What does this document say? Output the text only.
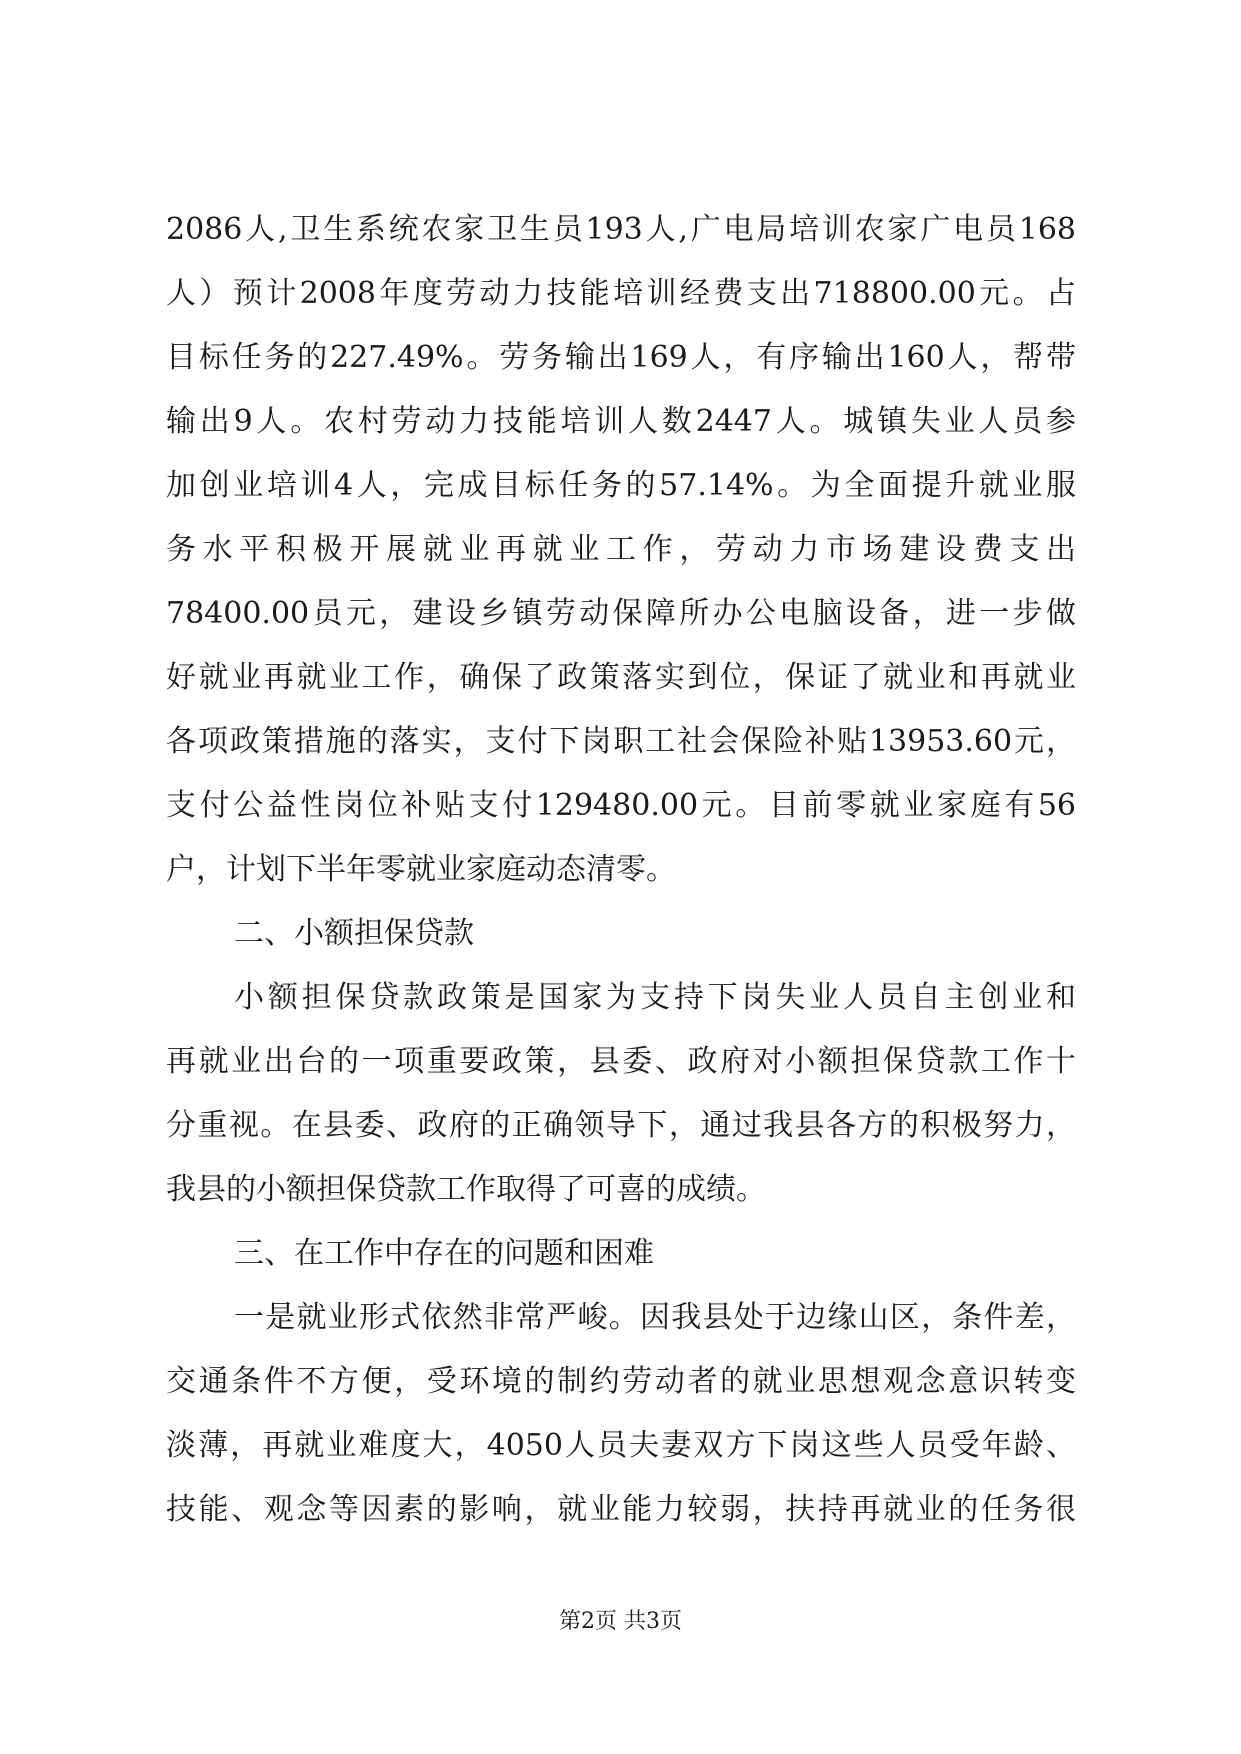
2086人,卫生系统农家卫生员193人,广电局培训农家广电员168
人）预计2008年度劳动力技能培训经费支出718800.00元。占
目标任务的227.49%。劳务输出169人，有序输出160人，帮带
输出9人。农村劳动力技能培训人数2447人。城镇失业人员参
加创业培训4人，完成目标任务的57.14%。为全面提升就业服
务水平积极开展就业再就业工作，劳动力市场建设费支出
78400.00员元，建设乡镇劳动保障所办公电脑设备，进一步做
好就业再就业工作，确保了政策落实到位，保证了就业和再就业
各项政策措施的落实，支付下岗职工社会保险补贴13953.60元，
支付公益性岗位补贴支付129480.00元。目前零就业家庭有56
户，计划下半年零就业家庭动态清零。
二、小额担保贷款
小额担保贷款政策是国家为支持下岗失业人员自主创业和
再就业出台的一项重要政策，县委、政府对小额担保贷款工作十
分重视。在县委、政府的正确领导下，通过我县各方的积极努力，
我县的小额担保贷款工作取得了可喜的成绩。
三、在工作中存在的问题和困难
一是就业形式依然非常严峻。因我县处于边缘山区，条件差，
交通条件不方便，受环境的制约劳动者的就业思想观念意识转变
淡薄，再就业难度大，4050人员夫妻双方下岗这些人员受年龄、
技能、观念等因素的影响，就业能力较弱，扶持再就业的任务很
第2页 共3页
